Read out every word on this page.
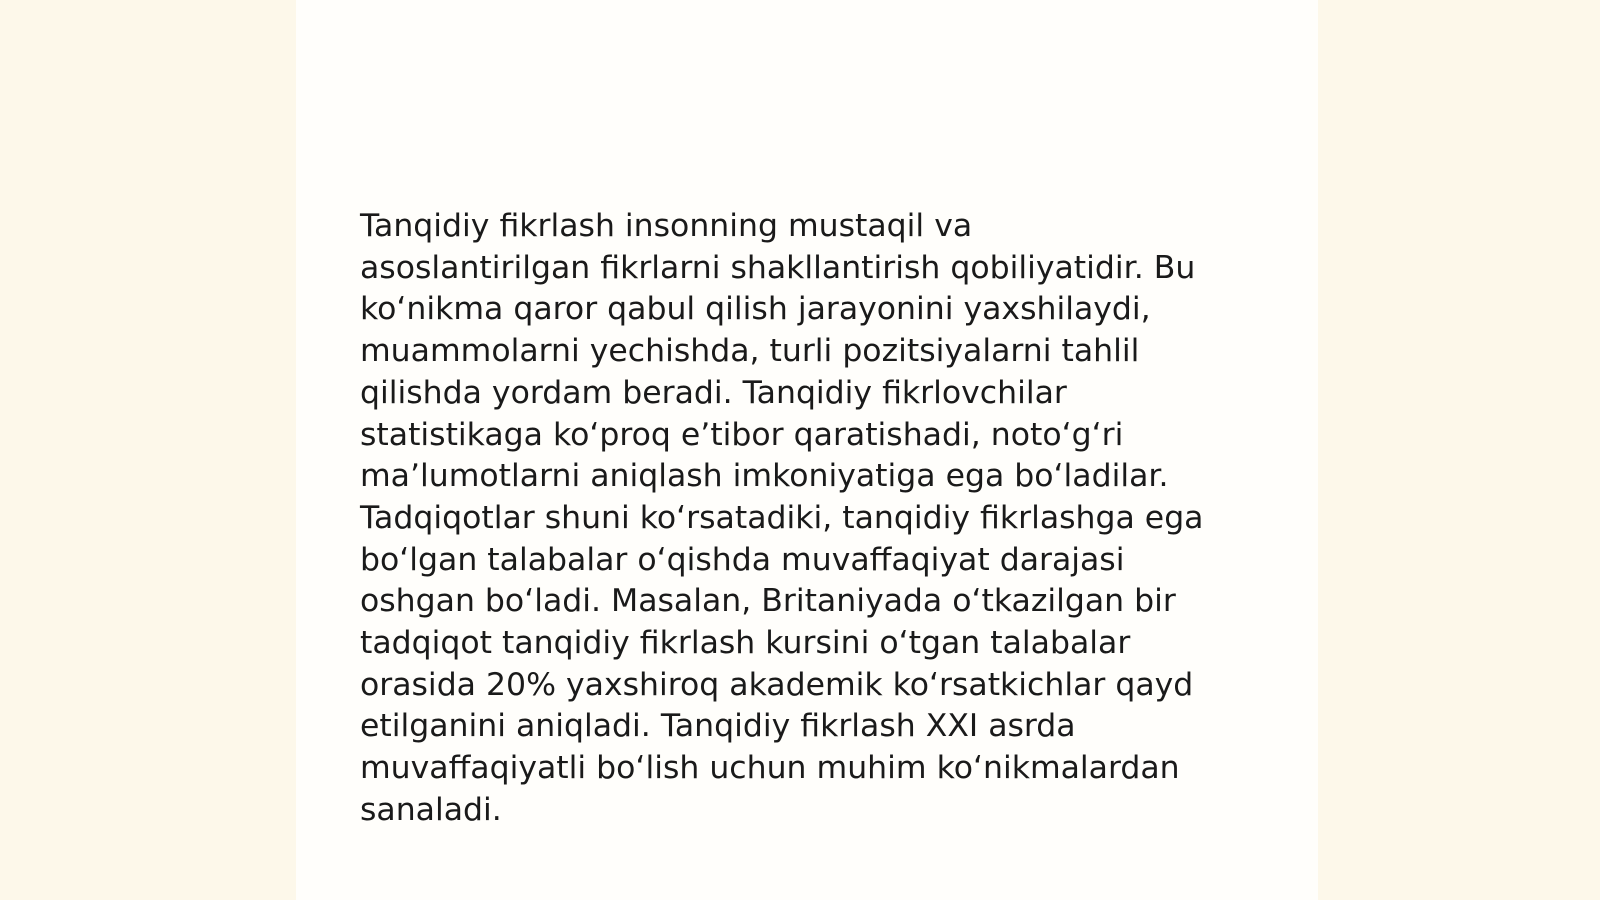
Tanqidiy fikrlash insonning mustaqil va
asoslantirilgan fikrlarni shakllantirish qobiliyatidir. Bu
ko‘nikma qaror qabul qilish jarayonini yaxshilaydi,
muammolarni yechishda, turli pozitsiyalarni tahlil
qilishda yordam beradi. Tanqidiy fikrlovchilar
statistikaga ko‘proq e’tibor qaratishadi, noto‘g‘ri
ma’lumotlarni aniqlash imkoniyatiga ega bo‘ladilar.
Tadqiqotlar shuni ko‘rsatadiki, tanqidiy fikrlashga ega
bo‘lgan talabalar o‘qishda muvaffaqiyat darajasi
oshgan bo‘ladi. Masalan, Britaniyada o‘tkazilgan bir
tadqiqot tanqidiy fikrlash kursini o‘tgan talabalar
orasida 20% yaxshiroq akademik ko‘rsatkichlar qayd
etilganini aniqladi. Tanqidiy fikrlash XXI asrda
muvaffaqiyatli bo‘lish uchun muhim ko‘nikmalardan
sanaladi.
